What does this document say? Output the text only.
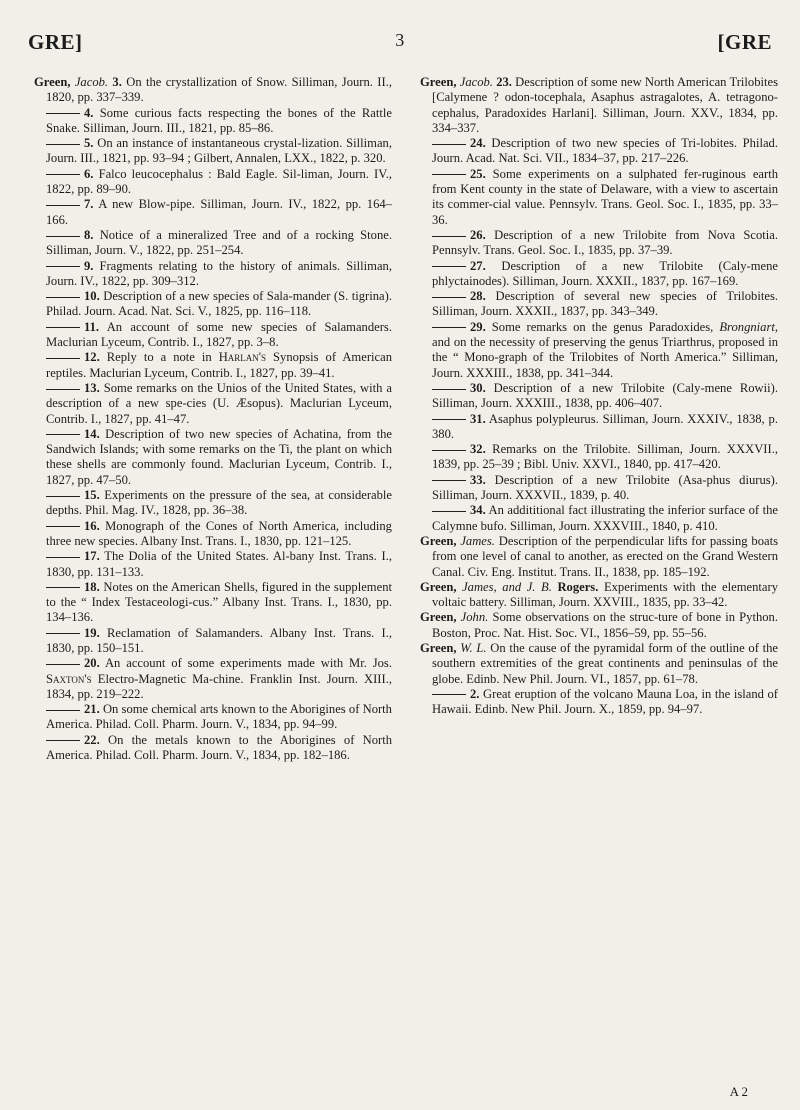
GRE]	3	[GRE
Green, Jacob. 3. On the crystallization of Snow. Silliman, Journ. II., 1820, pp. 337–339.
4. Some curious facts respecting the bones of the Rattle Snake. Silliman, Journ. III., 1821, pp. 85–86.
5. On an instance of instantaneous crystal-lization. Silliman, Journ. III., 1821, pp. 93–94 ; Gilbert, Annalen, LXX., 1822, p. 320.
6. Falco leucocephalus : Bald Eagle. Sil-liman, Journ. IV., 1822, pp. 89–90.
7. A new Blow-pipe. Silliman, Journ. IV., 1822, pp. 164–166.
8. Notice of a mineralized Tree and of a rocking Stone. Silliman, Journ. V., 1822, pp. 251–254.
9. Fragments relating to the history of animals. Silliman, Journ. IV., 1822, pp. 309–312.
10. Description of a new species of Sala-mander (S. tigrina). Philad. Journ. Acad. Nat. Sci. V., 1825, pp. 116–118.
11. An account of some new species of Salamanders. Maclurian Lyceum, Contrib. I., 1827, pp. 3–8.
12. Reply to a note in Harlan's Synopsis of American reptiles. Maclurian Lyceum, Contrib. I., 1827, pp. 39–41.
13. Some remarks on the Unios of the United States, with a description of a new spe-cies (U. Æsopus). Maclurian Lyceum, Contrib. I., 1827, pp. 41–47.
14. Description of two new species of Achatina, from the Sandwich Islands; with some remarks on the Ti, the plant on which these shells are commonly found. Maclurian Lyceum, Contrib. I., 1827, pp. 47–50.
15. Experiments on the pressure of the sea, at considerable depths. Phil. Mag. IV., 1828, pp. 36–38.
16. Monograph of the Cones of North America, including three new species. Albany Inst. Trans. I., 1830, pp. 121–125.
17. The Dolia of the United States. Al-bany Inst. Trans. I., 1830, pp. 131–133.
18. Notes on the American Shells, figured in the supplement to the “ Index Testaceologi-cus.” Albany Inst. Trans. I., 1830, pp. 134–136.
19. Reclamation of Salamanders. Albany Inst. Trans. I., 1830, pp. 150–151.
20. An account of some experiments made with Mr. Jos. Saxton's Electro-Magnetic Ma-chine. Franklin Inst. Journ. XIII., 1834, pp. 219–222.
21. On some chemical arts known to the Aborigines of North America. Philad. Coll. Pharm. Journ. V., 1834, pp. 94–99.
22. On the metals known to the Aborigines of North America. Philad. Coll. Pharm. Journ. V., 1834, pp. 182–186.
Green, Jacob. 23. Description of some new North American Trilobites [Calymene ? odon-tocephala, Asaphus astragalotes, A. tetragono-cephalus, Paradoxides Harlani]. Silliman, Journ. XXV., 1834, pp. 334–337.
24. Description of two new species of Tri-lobites. Philad. Journ. Acad. Nat. Sci. VII., 1834–37, pp. 217–226.
25. Some experiments on a sulphated fer-ruginous earth from Kent county in the state of Delaware, with a view to ascertain its commer-cial value. Pennsylv. Trans. Geol. Soc. I., 1835, pp. 33–36.
26. Description of a new Trilobite from Nova Scotia. Pennsylv. Trans. Geol. Soc. I., 1835, pp. 37–39.
27. Description of a new Trilobite (Caly-mene phlyctainodes). Silliman, Journ. XXXII., 1837, pp. 167–169.
28. Description of several new species of Trilobites. Silliman, Journ. XXXII., 1837, pp. 343–349.
29. Some remarks on the genus Paradoxides, Brongniart, and on the necessity of preserving the genus Triarthrus, proposed in the “ Mono-graph of the Trilobites of North America.” Silliman, Journ. XXXIII., 1838, pp. 341–344.
30. Description of a new Trilobite (Caly-mene Rowii). Silliman, Journ. XXXIII., 1838, pp. 406–407.
31. Asaphus polypleurus. Silliman, Journ. XXXIV., 1838, p. 380.
32. Remarks on the Trilobite. Silliman, Journ. XXXVII., 1839, pp. 25–39 ; Bibl. Univ. XXVI., 1840, pp. 417–420.
33. Description of a new Trilobite (Asa-phus diurus). Silliman, Journ. XXXVII., 1839, p. 40.
34. An addititional fact illustrating the inferior surface of the Calymne bufo. Silliman, Journ. XXXVIII., 1840, p. 410.
Green, James. Description of the perpendicular lifts for passing boats from one level of canal to another, as erected on the Grand Western Canal. Civ. Eng. Institut. Trans. II., 1838, pp. 185–192.
Green, James, and J. B. Rogers. Experiments with the elementary voltaic battery. Silliman, Journ. XXVIII., 1835, pp. 33–42.
Green, John. Some observations on the struc-ture of bone in Python. Boston, Proc. Nat. Hist. Soc. VI., 1856–59, pp. 55–56.
Green, W. L. On the cause of the pyramidal form of the outline of the southern extremities of the great continents and peninsulas of the globe. Edinb. New Phil. Journ. VI., 1857, pp. 61–78.
2. Great eruption of the volcano Mauna Loa, in the island of Hawaii. Edinb. New Phil. Journ. X., 1859, pp. 94–97.
A 2
